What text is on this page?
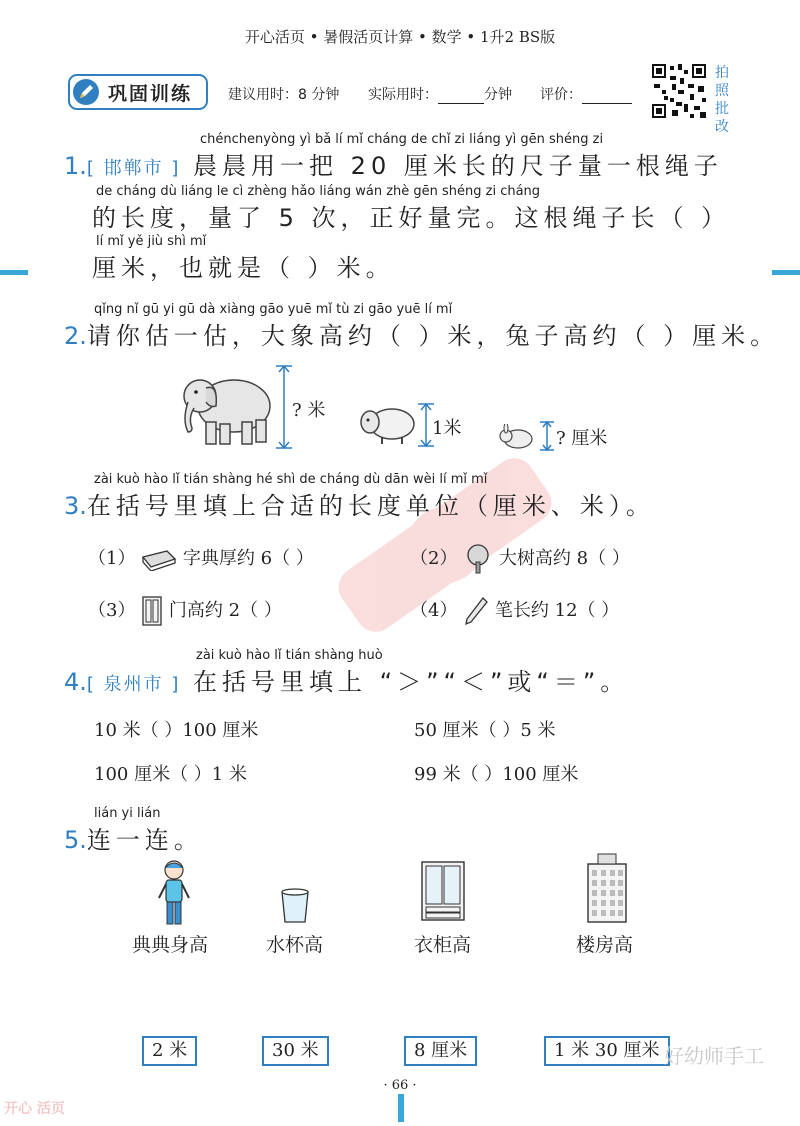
开心活页 • 暑假活页计算 • 数学 • 1升2 BS版
巩固训练	建议用时：8 分钟 实际用时：	分钟 评价：
拍
照
批
改
chénchenyòng yì bǎ lí mǐ cháng de chǐ zi liáng yì gēn shéng zi
1.[ 邯郸市 ] 晨晨用一把 20 厘米长的尺子量一根绳子
de cháng dù liáng le cì zhèng hǎo liáng wán zhè gēn shéng zi cháng
的长度，量了 5 次，正好量完。这根绳子长（ ）
lí mǐ yě jiù shì mǐ
厘米，也就是（ ）米。
qǐng nǐ gū yi gū dà xiàng gāo yuē mǐ tù zi gāo yuē lí mǐ
2.请你估一估，大象高约（ ）米，兔子高约（ ）厘米。
? 米
1米	? 厘米
zài kuò hào lǐ tián shàng hé shì de cháng dù dān wèi lí mǐ mǐ
3.在括号里填上合适的长度单位（厘米、米）。
（1）	字典厚约 6（ ）	（2） 大树高约 8（ ）
（3） 门高约 2（ ）	（4） 笔长约 12（ ）
zài kuò hào lǐ tián shàng huò
4.[ 泉州市 ] 在括号里填上 “＞”“＜”或“＝”。
10 米（ ）100 厘米	50 厘米（ ）5 米
100 厘米（ ）1 米	99 米（ ）100 厘米
lián yi lián
5.连一连。
典典身高	水杯高	衣柜高	楼房高
2 米	30 米	8 厘米	1 米 30 厘米 好幼师手工
· 66 ·
开心 活页
